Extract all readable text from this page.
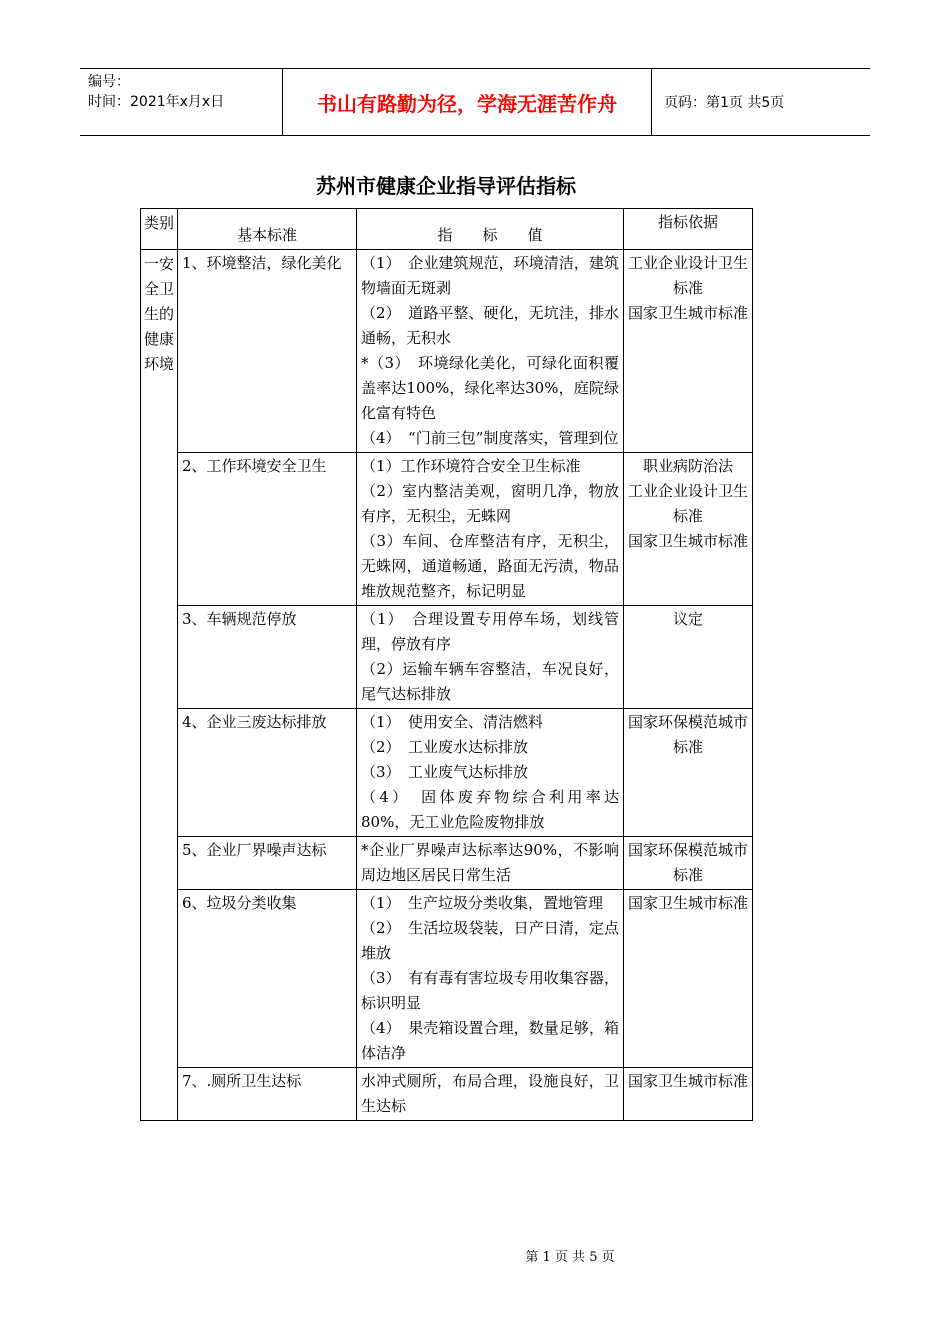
编号：
时间：2021年x月x日	书山有路勤为径，学海无涯苦作舟	页码：第1页 共5页
苏州市健康企业指导评估指标
类别	基本标准	指　　标　　值	指标依据
一安全卫生的健康环境	1、环境整洁，绿化美化	（1）　企业建筑规范，环境清洁，建筑物墙面无斑剥
（2）　道路平整、硬化，无坑洼，排水通畅，无积水
*（3）　环境绿化美化，可绿化面积覆盖率达100%，绿化率达30%，庭院绿化富有特色
（4）　“门前三包”制度落实，管理到位	工业企业设计卫生标准
国家卫生城市标准

	2、工作环境安全卫生	（1）工作环境符合安全卫生标准
（2）室内整洁美观，窗明几净，物放有序，无积尘，无蛛网
（3）车间、仓库整洁有序，无积尘，无蛛网，通道畅通，路面无污渍，物品堆放规范整齐，标记明显	职业病防治法
工业企业设计卫生标准
国家卫生城市标准

	3、车辆规范停放	（1）　合理设置专用停车场，划线管理，停放有序
（2）运输车辆车容整洁，车况良好，尾气达标排放	议定

	4、企业三废达标排放	（1）　使用安全、清洁燃料
（2）　工业废水达标排放
（3）　工业废气达标排放
（4）　固体废弃物综合利用率达80%，无工业危险废物排放	国家环保模范城市标准

	5、企业厂界噪声达标	*企业厂界噪声达标率达90%，不影响周边地区居民日常生活	国家环保模范城市标准

	6、垃圾分类收集	（1）　生产垃圾分类收集，置地管理
（2）　生活垃圾袋装，日产日清，定点堆放
（3）　有有毒有害垃圾专用收集容器，标识明显
（4）　果壳箱设置合理，数量足够，箱体洁净	国家卫生城市标准

	7、.厕所卫生达标	水冲式厕所，布局合理，设施良好，卫生达标	国家卫生城市标准
第 1 页 共 5 页
